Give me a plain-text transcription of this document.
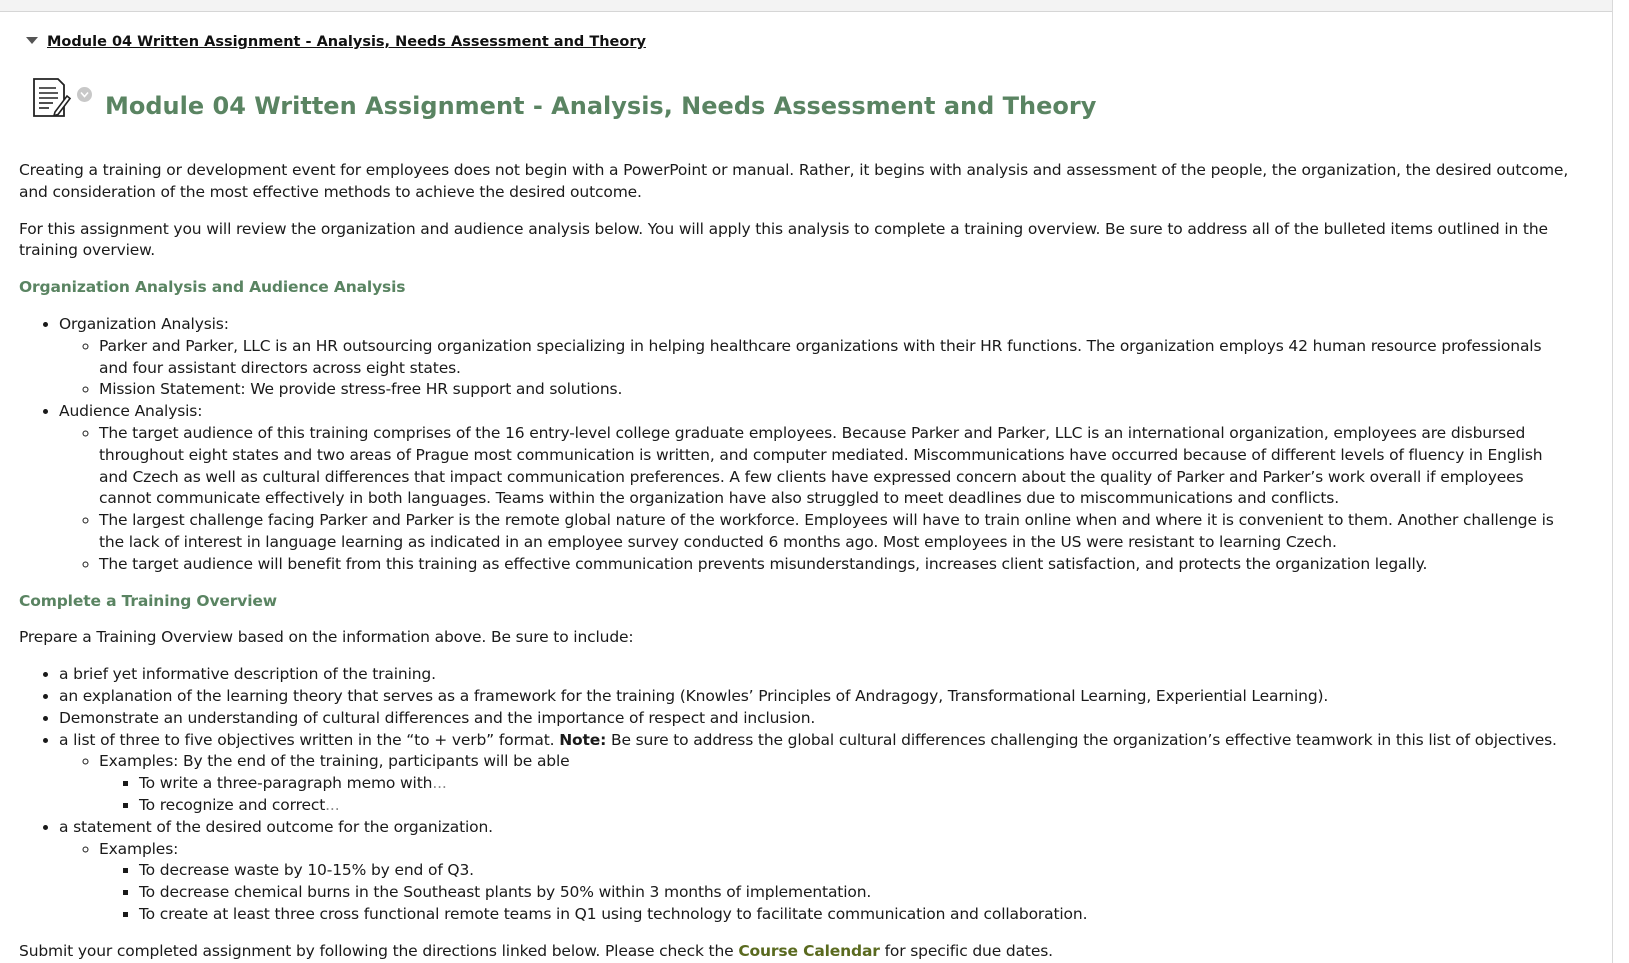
Module 04 Written Assignment - Analysis, Needs Assessment and Theory
Module 04 Written Assignment - Analysis, Needs Assessment and Theory

Creating a training or development event for employees does not begin with a PowerPoint or manual. Rather, it begins with analysis and assessment of the people, the organization, the desired outcome, and consideration of the most effective methods to achieve the desired outcome.

For this assignment you will review the organization and audience analysis below. You will apply this analysis to complete a training overview. Be sure to address all of the bulleted items outlined in the training overview.

Organization Analysis and Audience Analysis
• Organization Analysis:
◦ Parker and Parker, LLC is an HR outsourcing organization specializing in helping healthcare organizations with their HR functions. The organization employs 42 human resource professionals and four assistant directors across eight states.
◦ Mission Statement: We provide stress-free HR support and solutions.
• Audience Analysis:
◦ The target audience of this training comprises of the 16 entry-level college graduate employees. Because Parker and Parker, LLC is an international organization, employees are disbursed throughout eight states and two areas of Prague most communication is written, and computer mediated. Miscommunications have occurred because of different levels of fluency in English and Czech as well as cultural differences that impact communication preferences. A few clients have expressed concern about the quality of Parker and Parker’s work overall if employees cannot communicate effectively in both languages. Teams within the organization have also struggled to meet deadlines due to miscommunications and conflicts.
◦ The largest challenge facing Parker and Parker is the remote global nature of the workforce. Employees will have to train online when and where it is convenient to them. Another challenge is the lack of interest in language learning as indicated in an employee survey conducted 6 months ago. Most employees in the US were resistant to learning Czech.
◦ The target audience will benefit from this training as effective communication prevents misunderstandings, increases client satisfaction, and protects the organization legally.
Complete a Training Overview

Prepare a Training Overview based on the information above. Be sure to include:

• a brief yet informative description of the training.
• an explanation of the learning theory that serves as a framework for the training (Knowles’ Principles of Andragogy, Transformational Learning, Experiential Learning).
• Demonstrate an understanding of cultural differences and the importance of respect and inclusion.
• a list of three to five objectives written in the “to + verb” format. Note: Be sure to address the global cultural differences challenging the organization’s effective teamwork in this list of objectives.
◦ Examples: By the end of the training, participants will be able
▪ To write a three-paragraph memo with...
▪ To recognize and correct...
• a statement of the desired outcome for the organization.
◦ Examples:
▪ To decrease waste by 10-15% by end of Q3.
▪ To decrease chemical burns in the Southeast plants by 50% within 3 months of implementation.
▪ To create at least three cross functional remote teams in Q1 using technology to facilitate communication and collaboration.

Submit your completed assignment by following the directions linked below. Please check the Course Calendar for specific due dates.
